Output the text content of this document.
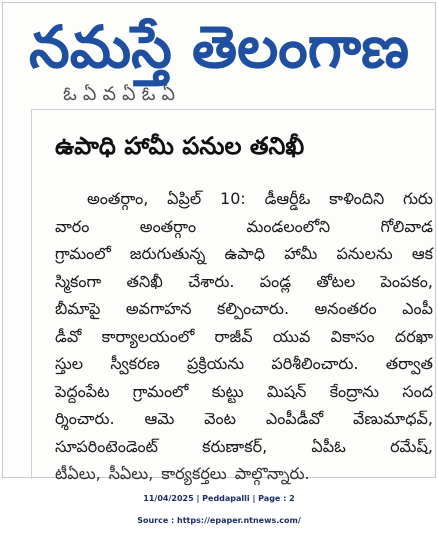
నమస్తే తెలంగాణ
ఓ ఏ వ ఏ ఓ ఏ
ఉపాధి హామీ పనుల తనిఖీ
అంతర్గాం, ఏప్రిల్ 10: డీఆర్డీఓ కాళిందిని గురు
వారం	అంతర్గాం	మండలంలోని	గోలివాడ
గ్రామంలో జరుగుతున్న ఉపాధి హామీ పనులను ఆక
స్మికంగా తనిఖీ చేశారు. పండ్ల తోటల పెంపకం,
బీమాపై అవగాహన కల్పించారు. అనంతరం ఎంపీ
డీవో కార్యాలయంలో రాజీవ్ యువ వికాసం దరఖా
స్తుల స్వీకరణ ప్రక్రియను పరిశీలించారు. తర్వాత
పెద్దంపేట గ్రామంలో కుట్టు మిషన్ కేంద్రాను సంద
ర్శించారు. ఆమె వెంట ఎంపీడీవో వేణుమాధవ్,
సూపరింటెండెంట్	కరుణాకర్,	ఏపీఓ	రమేష్,
టీఏలు, సీఏలు, కార్యకర్తలు పాల్గొన్నారు.
11/04/2025 | Peddapalli | Page : 2
Source : https://epaper.ntnews.com/
